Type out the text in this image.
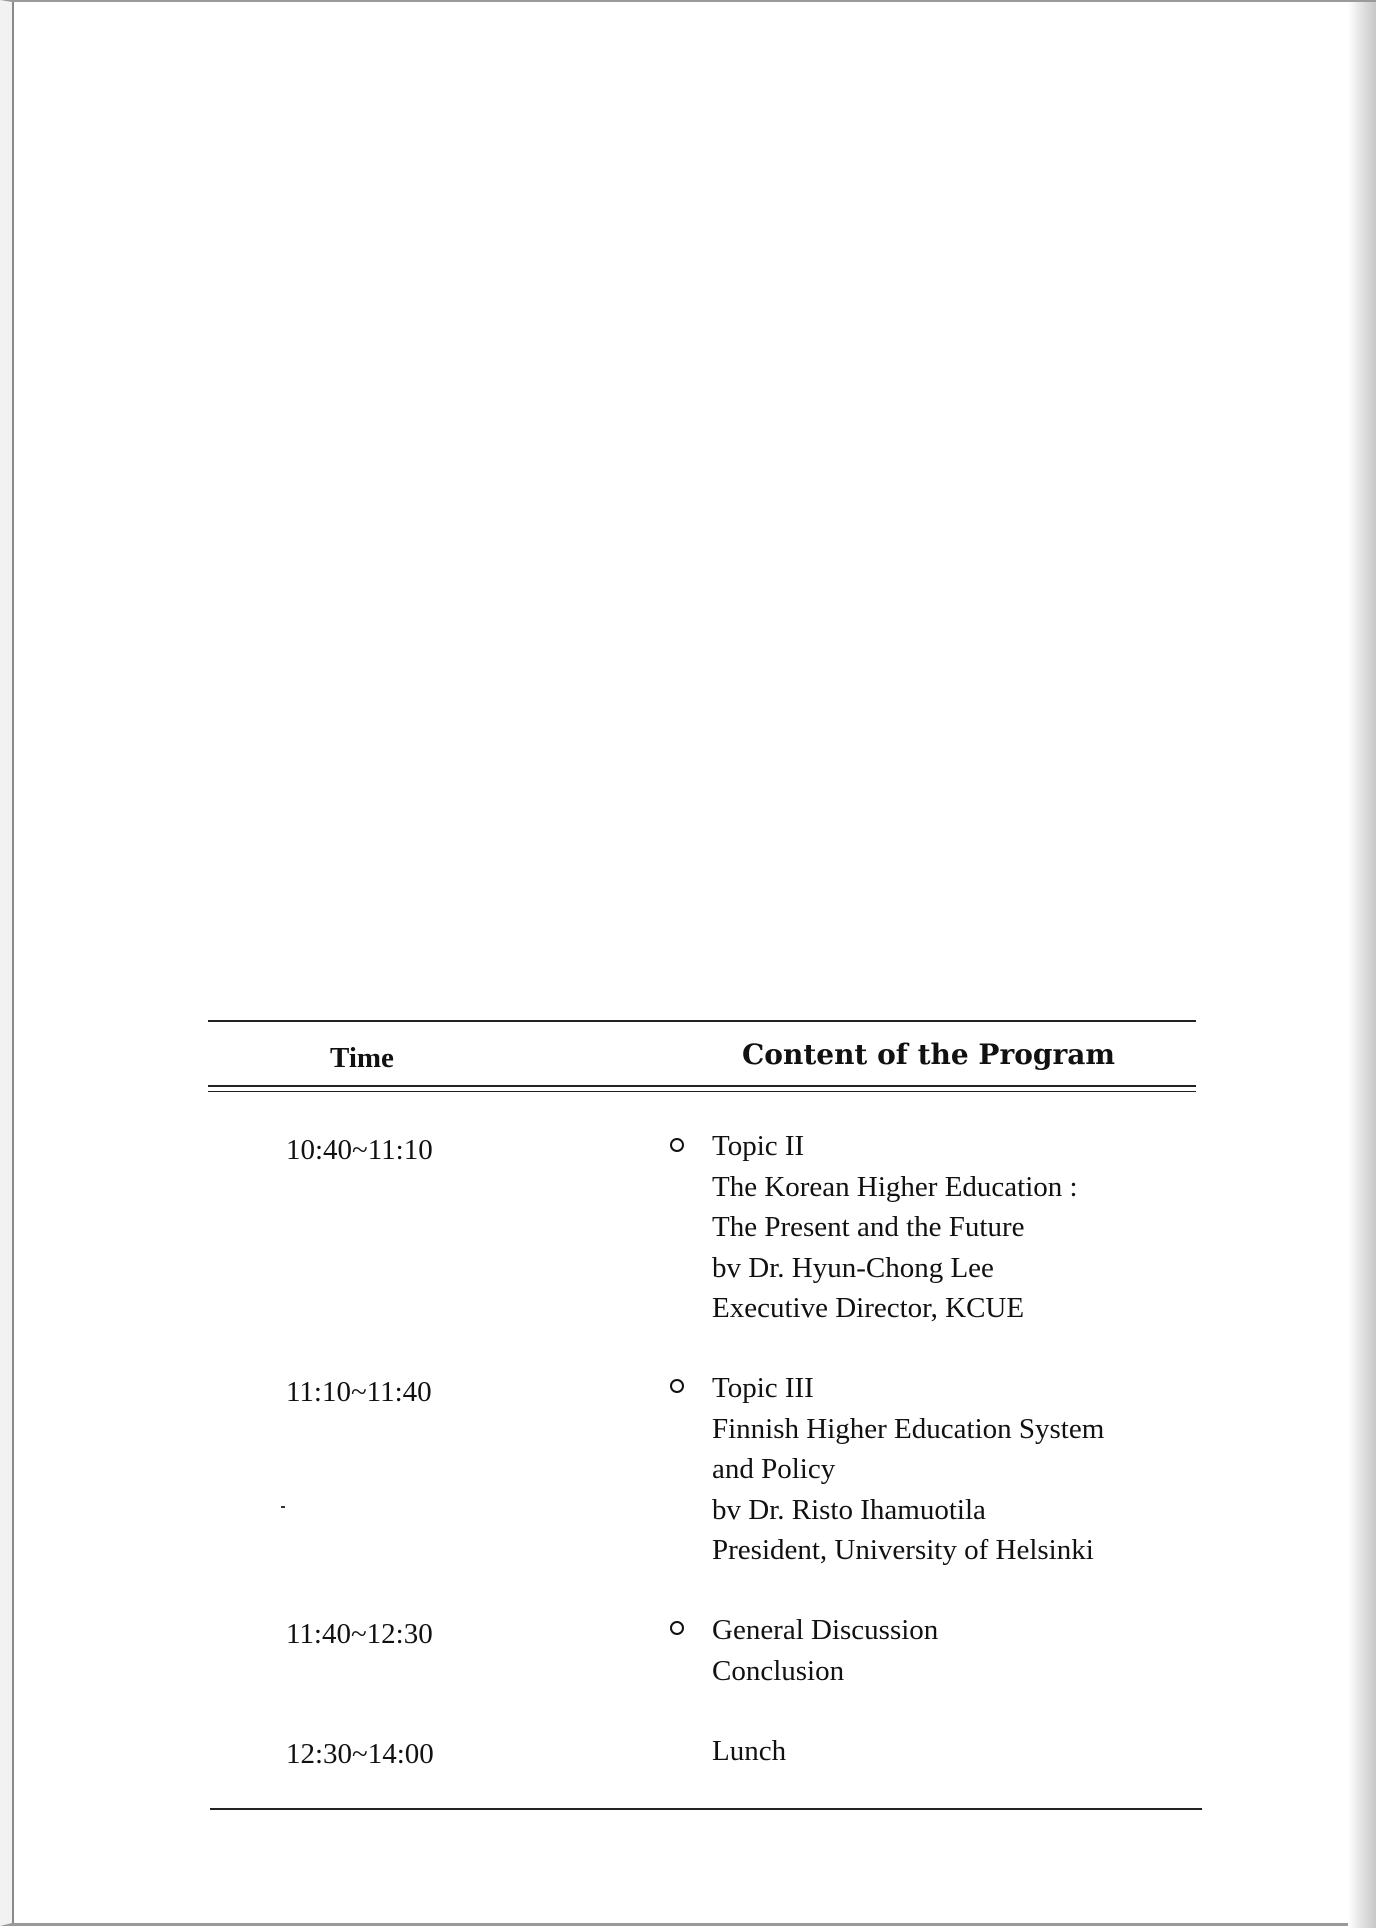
Time	Content of the Program
10:40~11:10	Topic II
The Korean Higher Education :
The Present and the Future
bv Dr. Hyun-Chong Lee
Executive Director, KCUE
11:10~11:40	Topic III
Finnish Higher Education System
and Policy
bv Dr. Risto Ihamuotila
President, University of Helsinki
11:40~12:30	General Discussion
Conclusion
12:30~14:00	Lunch
